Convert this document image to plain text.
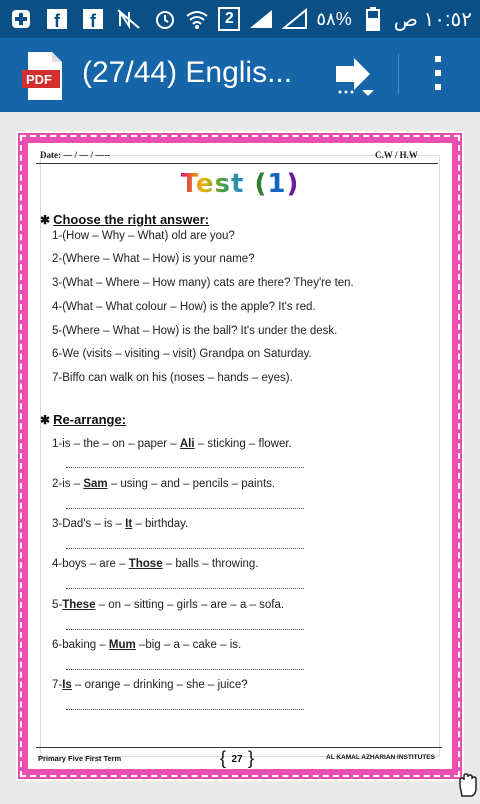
f f	2	٥٨% ١٠:٥٢ ص
PDF (27/44) Englis...
Date: --- / --- / -----	C.W / H.W
Test (1)
✱ Choose the right answer:
1-(How – Why – What) old are you?
2-(Where – What – How) is your name?
3-(What – Where – How many) cats are there? They're ten.
4-(What – What colour – How) is the apple? It's red.
5-(Where – What – How) is the ball? It's under the desk.
6-We (visits – visiting – visit) Grandpa on Saturday.
7-Biffo can walk on his (noses – hands – eyes).
✱ Re-arrange:
1-is – the – on – paper – Ali – sticking – flower.
2-is – Sam – using – and – pencils – paints.
3-Dad's – is – It – birthday.
4-boys – are – Those – balls – throwing.
5-These – on – sitting – girls – are – a – sofa.
6-baking – Mum –big – a – cake – is.
7-Is – orange – drinking – she – juice?
Primary Five First Term
{	27 }	AL KAMAL AZHARIAN INSTITUTES
